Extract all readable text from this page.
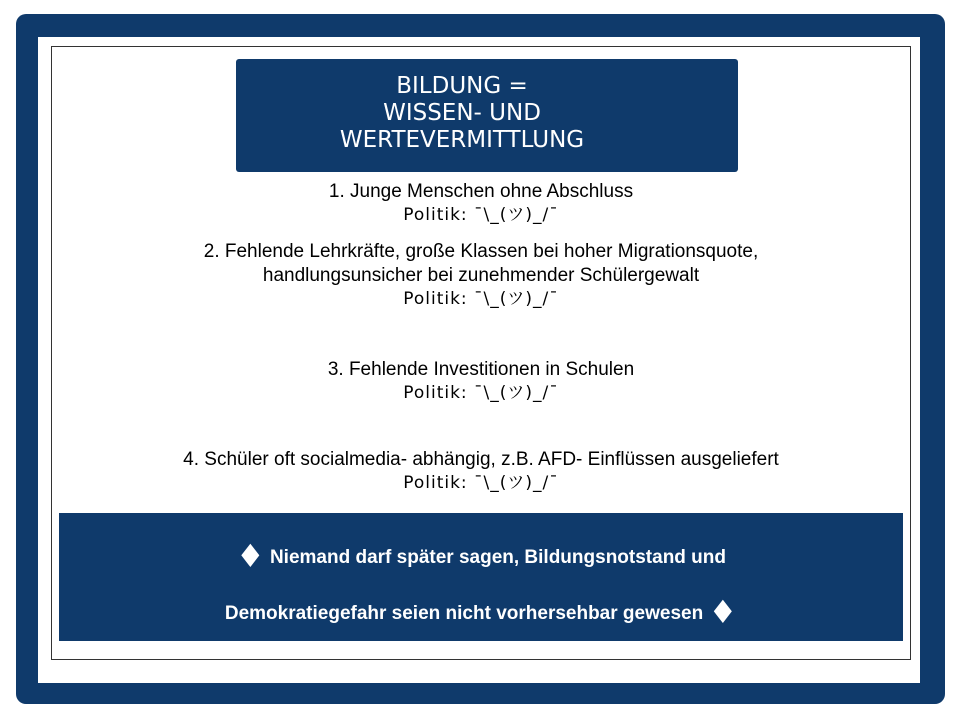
BILDUNG =
WISSEN- UND
WERTEVERMITTLUNG
1. Junge Menschen ohne Abschluss
Politik: ¯\_(ツ)_/¯
2. Fehlende Lehrkräfte, große Klassen bei hoher Migrationsquote,
handlungsunsicher bei zunehmender Schülergewalt
Politik: ¯\_(ツ)_/¯
3. Fehlende Investitionen in Schulen
Politik: ¯\_(ツ)_/¯
4. Schüler oft socialmedia- abhängig, z.B. AFD- Einflüssen ausgeliefert
Politik: ¯\_(ツ)_/¯
♦ Niemand darf später sagen, Bildungsnotstand und
Demokratiegefahr seien nicht vorhersehbar gewesen ♦
